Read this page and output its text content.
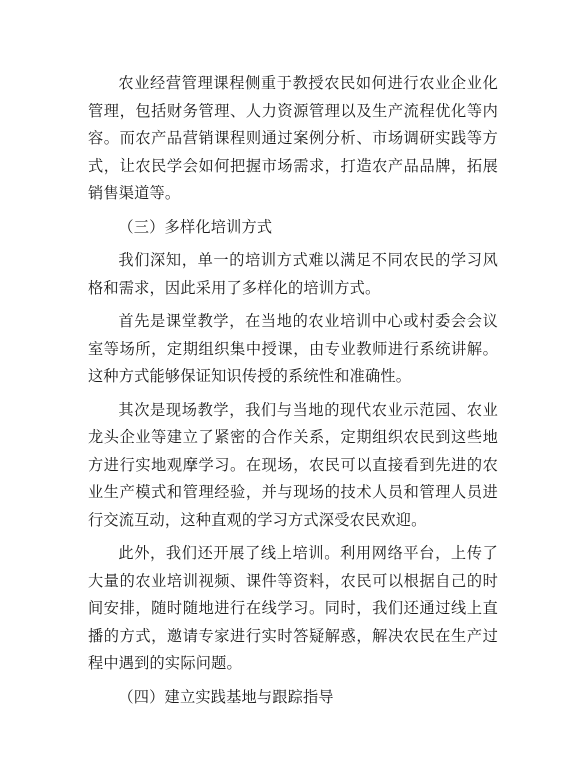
农业经营管理课程侧重于教授农民如何进行农业企业化管理，包括财务管理、人力资源管理以及生产流程优化等内容。而农产品营销课程则通过案例分析、市场调研实践等方式，让农民学会如何把握市场需求，打造农产品品牌，拓展销售渠道等。

（三）多样化培训方式

我们深知，单一的培训方式难以满足不同农民的学习风格和需求，因此采用了多样化的培训方式。

首先是课堂教学，在当地的农业培训中心或村委会会议室等场所，定期组织集中授课，由专业教师进行系统讲解。这种方式能够保证知识传授的系统性和准确性。

其次是现场教学，我们与当地的现代农业示范园、农业龙头企业等建立了紧密的合作关系，定期组织农民到这些地方进行实地观摩学习。在现场，农民可以直接看到先进的农业生产模式和管理经验，并与现场的技术人员和管理人员进行交流互动，这种直观的学习方式深受农民欢迎。

此外，我们还开展了线上培训。利用网络平台，上传了大量的农业培训视频、课件等资料，农民可以根据自己的时间安排，随时随地进行在线学习。同时，我们还通过线上直播的方式，邀请专家进行实时答疑解惑，解决农民在生产过程中遇到的实际问题。

（四）建立实践基地与跟踪指导
